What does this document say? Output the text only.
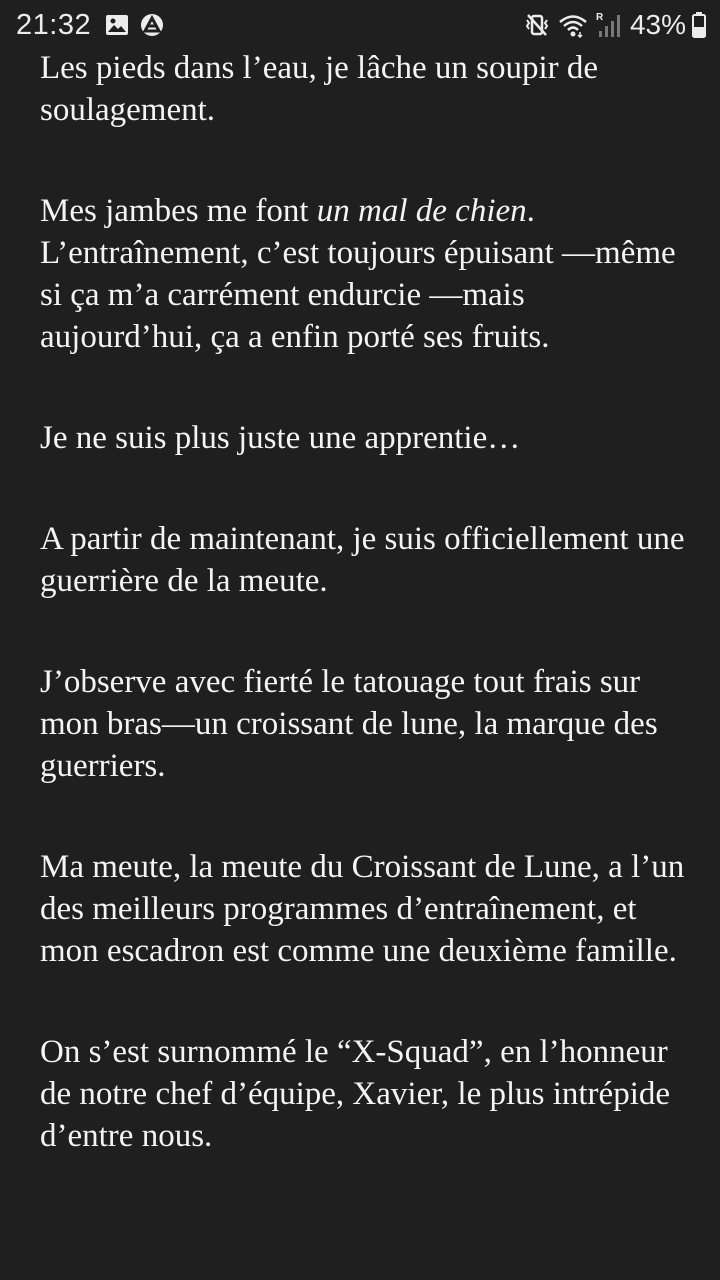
21:32	R 43%

Les pieds dans l’eau, je lâche un soupir de soulagement.

Mes jambes me font un mal de chien. L’entraînement, c’est toujours épuisant —même si ça m’a carrément endurcie —mais aujourd’hui, ça a enfin porté ses fruits.

Je ne suis plus juste une apprentie…

A partir de maintenant, je suis officiellement une guerrière de la meute.

J’observe avec fierté le tatouage tout frais sur mon bras—un croissant de lune, la marque des guerriers.

Ma meute, la meute du Croissant de Lune, a l’un des meilleurs programmes d’entraînement, et mon escadron est comme une deuxième famille.

On s’est surnommé le “X-Squad”, en l’honneur de notre chef d’équipe, Xavier, le plus intrépide d’entre nous.
